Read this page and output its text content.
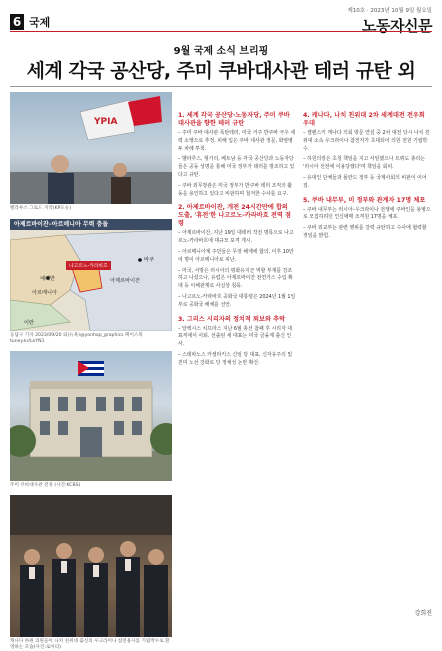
제10호 · 2023년 10월 9일 월요일
노동자신문
6 국제
9월 국제 소식 브리핑
세계 각국 공산당, 주미 쿠바대사관 테러 규탄 외
YPIA
벨라루스 그로드 지역(KP도뉴)
아제르바이잔–아르메니아 무력 충돌
아르메니아
아제르바이잔
나고르노-카라바흐
이란
바쿠
예레반
응답구 기자 2023/09/20 외(뉴욕)@yonhap_graphics 페이스북 tuney.kr/LeYN1
주미 쿠바대사관 전경 (사진:KCBS)
캐나다 하원 의원들이 나치 친위대 출신의 우크라이나 참전용사를 기립박수로 환영하는 모습(사진:로이터)
1. 세계 각국 공산당·노동자당, 주미 쿠바 대사관을 향한 테러 규탄

– 주미 쿠바 대사관 폭탄테러, 미국 거주 반쿠바 극우 세력 소행으로 추정. 피해 입은 쿠바 대사관 정문, 화염병 두 차례 투척.

– 벨라루스, 헝가리, 베트남 등 각국 공산당과 노동자당들은 공동 성명을 통해 미국 정부가 테러를 방조하고 있다고 규탄.

– 쿠바 외무장관은 미국 정부가 반쿠바 테러 조직의 활동을 용인하고 있다고 비판하며 철저한 수사를 요구.

2. 아제르바이잔, 개전 24시간만에 합의 도출, '휴전'한 나고르노-카라바흐 전역 점령

– 아제르바이잔, 지난 19일 대테러 작전 명목으로 나고르노-카라바흐에 대규모 포격 개시.

– 아르메니아계 주민들은 무장 해제에 합의, 이후 10만여 명이 아르메니아로 피난.

– 미국, 서방은 러시아의 평화유지군 역할 부재를 강조하고 나섰으나, 유럽은 아제르바이잔 천연가스 수입 확대 등 이해관계로 사실상 침묵.

– 나고르노-카라바흐 공화국 대통령은 2024년 1월 1일부로 공화국 해체를 선언.

3. 그리스 시리자의 정치적 퇴보와 추락

– 알렉시스 치프라스 지난 6월 총선 참패 후 시리자 대표직에서 사퇴. 선출된 새 대표는 미국 금융계 출신 인사.

– 스테파노스 카셀라키스 신임 당 대표, 신자유주의 및 친미 노선 강화로 당 정체성 논란 확산.

4. 캐나다, 나치 친위대 2차 세계대전 전우회 우대

– 젤렌스키 캐나다 의회 방문 연설 중 2차 대전 당시 나치 친위대 소속 우크라이나 참전자가 초대되어 의원 전원 기립박수.

– 하원의장은 초청 책임을 지고 사임했으나 트뤼도 총리는 '러시아 선전에 이용당했다'며 책임을 회피.

– 유대인 단체들과 폴란드 정부 등 국제사회의 비판이 이어짐.

5. 쿠바 내무부, 미 정부와 관계자 17명 체포

– 쿠바 내무부는 러시아–우크라이나 전쟁에 쿠바인을 용병으로 모집하려던 인신매매 조직원 17명을 체포.

– 쿠바 외교부는 관련 행위를 강력 규탄하고 수사에 협력할 것임을 밝힘.

강희진
